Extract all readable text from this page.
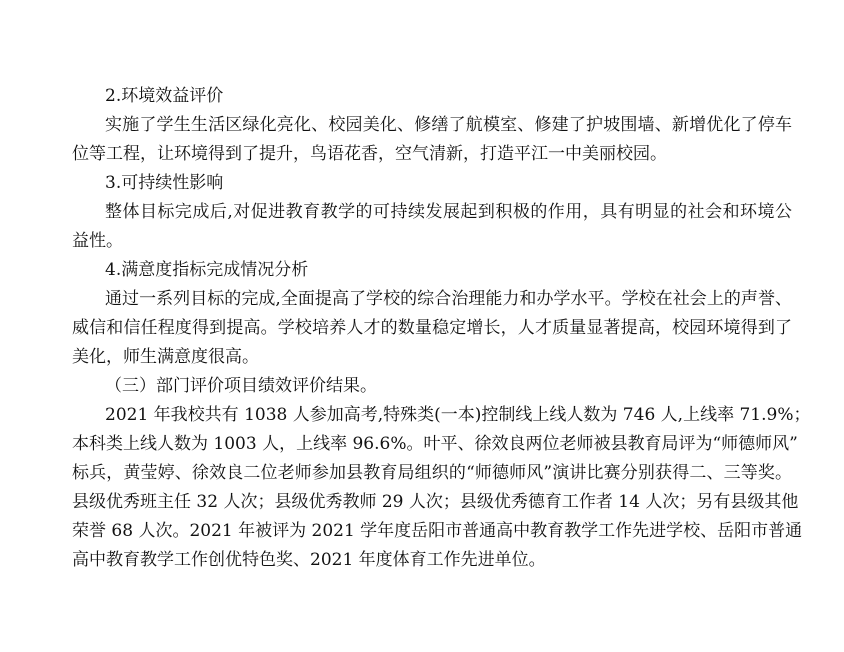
2.环境效益评价
实施了学生生活区绿化亮化、校园美化、修缮了航模室、修建了护坡围墙、新增优化了停车
位等工程，让环境得到了提升，鸟语花香，空气清新，打造平江一中美丽校园。
3.可持续性影响
整体目标完成后,对促进教育教学的可持续发展起到积极的作用，具有明显的社会和环境公
益性。
4.满意度指标完成情况分析
通过一系列目标的完成,全面提高了学校的综合治理能力和办学水平。学校在社会上的声誉、
威信和信任程度得到提高。学校培养人才的数量稳定增长，人才质量显著提高，校园环境得到了
美化，师生满意度很高。
（三）部门评价项目绩效评价结果。
2021 年我校共有 1038 人参加高考,特殊类(一本)控制线上线人数为 746 人,上线率 71.9%；
本科类上线人数为 1003 人，上线率 96.6%。叶平、徐效良两位老师被县教育局评为“师德师风”
标兵，黄莹婷、徐效良二位老师参加县教育局组织的“师德师风”演讲比赛分别获得二、三等奖。
县级优秀班主任 32 人次；县级优秀教师 29 人次；县级优秀德育工作者 14 人次；另有县级其他
荣誉 68 人次。2021 年被评为 2021 学年度岳阳市普通高中教育教学工作先进学校、岳阳市普通
高中教育教学工作创优特色奖、2021 年度体育工作先进单位。
